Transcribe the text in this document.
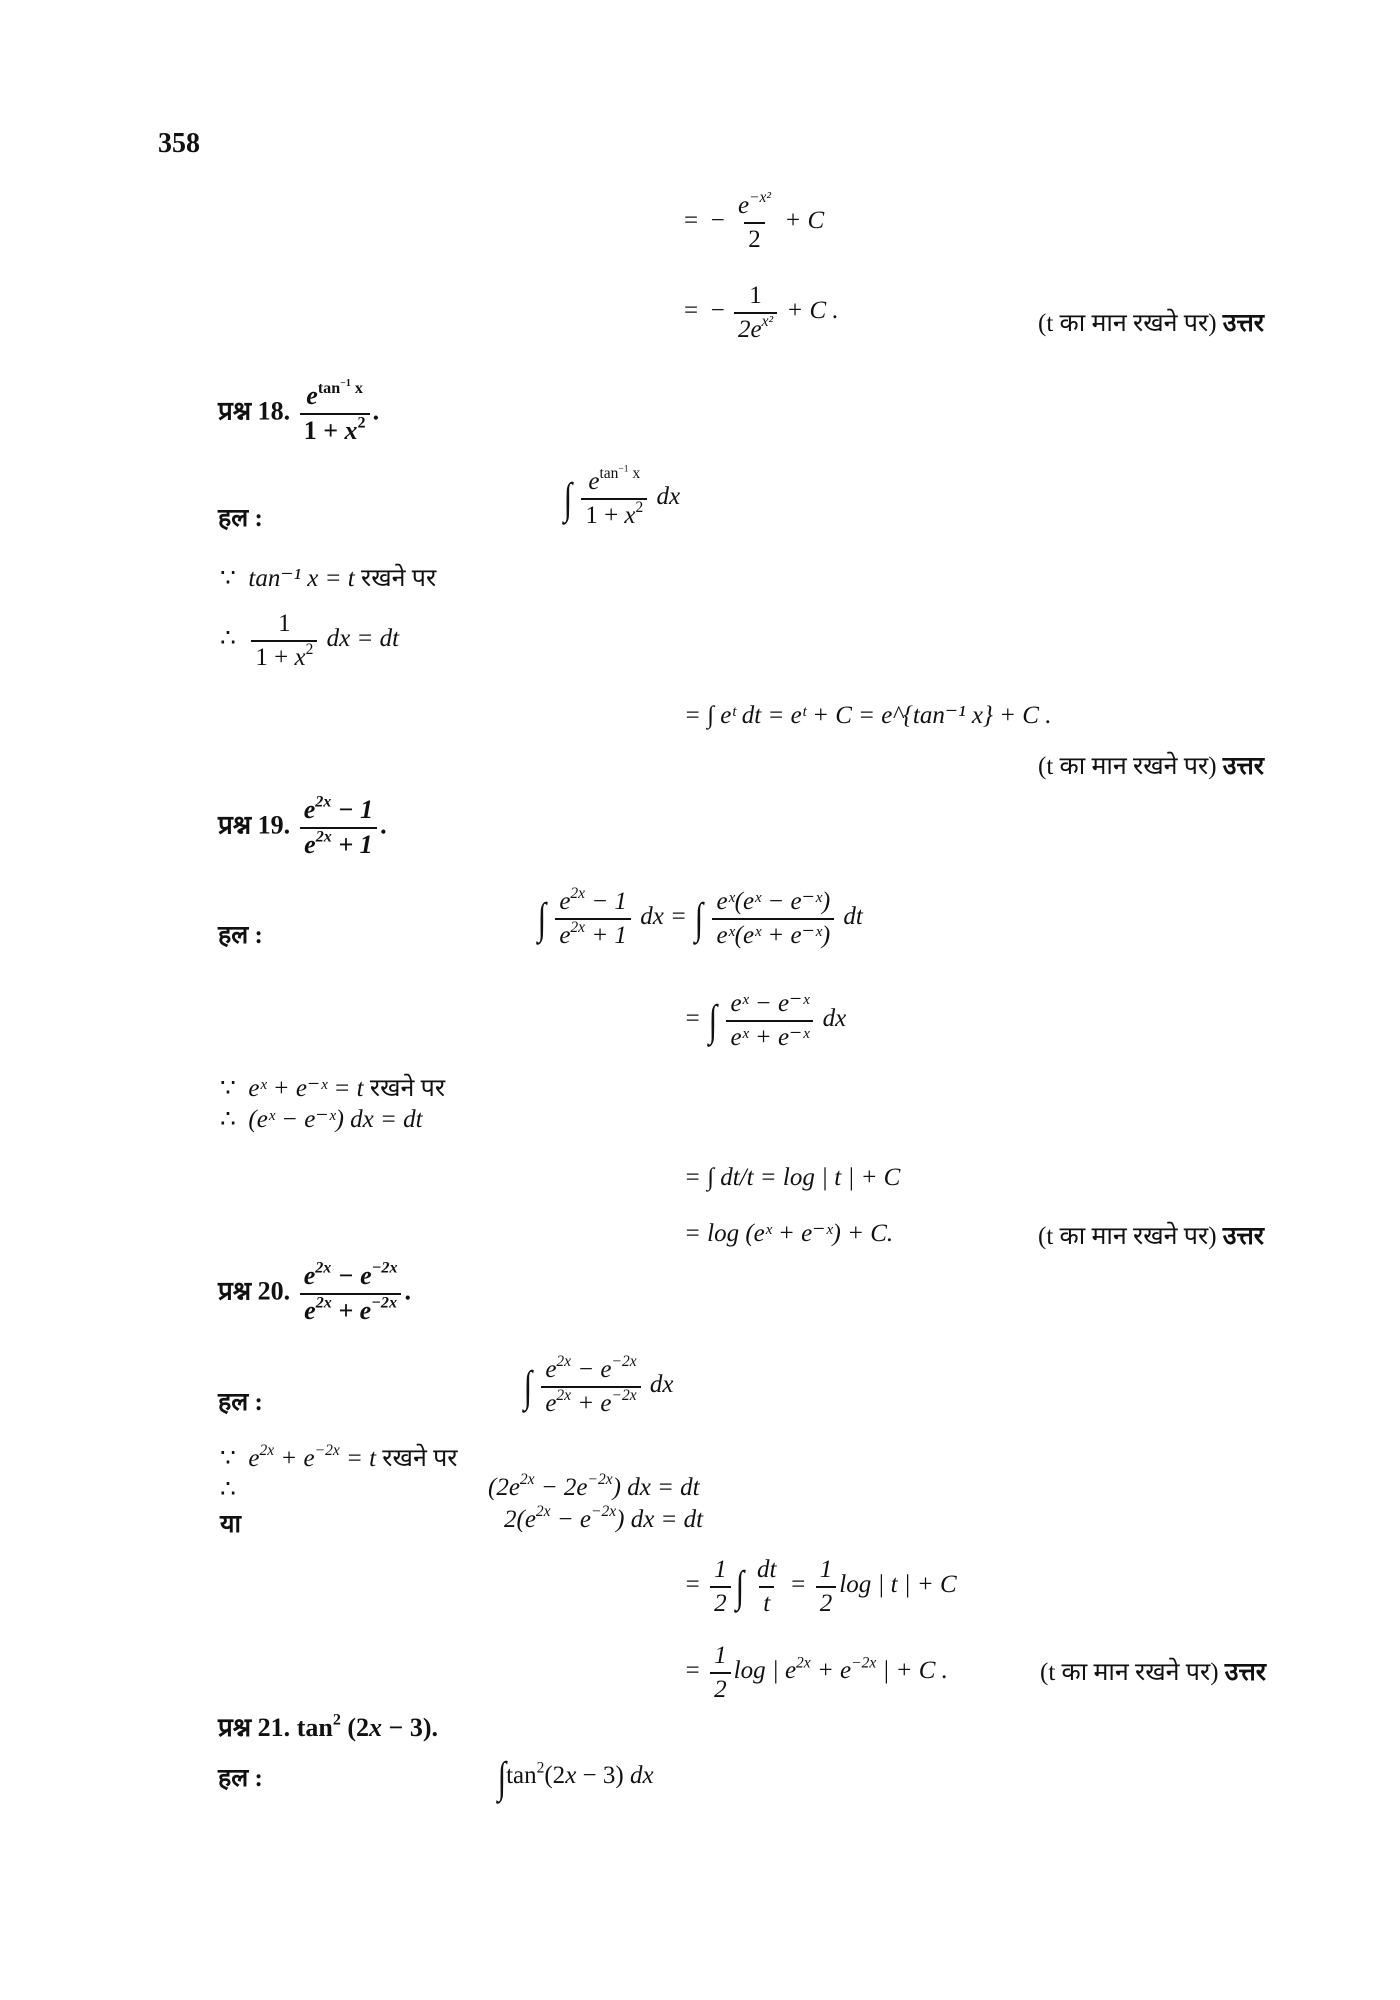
358
= − $\frac{e^{-x^2}}{2} + C$
= − $\frac{1}{2e^{x^2}} + C$ .	(t का मान रखने पर) उत्तर
प्रश्न 18. $\frac{e^{tan^{-1} x}}{1 + x^2}$ .
हल :	∫ $\frac{e^{tan^{-1} x}}{1 + x^2}$ dx
∵ tan⁻¹ x = t रखने पर
∴ $\frac{1}{1 + x^2}$ dx = dt
= ∫ eᵗ dt = eᵗ + C = e^{tan⁻¹ x} + C .
(t का मान रखने पर) उत्तर
प्रश्न 19. $\frac{e^{2x} - 1}{e^{2x} + 1}$ .
हल :	∫ $\frac{e^{2x} - 1}{e^{2x} + 1}$ dx = ∫ $\frac{\text{eˣ(eˣ − e⁻ˣ)}}{\text{eˣ(eˣ + e⁻ˣ)}}$ dt
= ∫ $\frac{\text{eˣ − e⁻ˣ}}{\text{eˣ + e⁻ˣ}}$ dx
∵ eˣ + e⁻ˣ = t रखने पर
∴ (eˣ − e⁻ˣ) dx = dt
= ∫ dt/t = log | t | + C
= log (eˣ + e⁻ˣ) + C.	(t का मान रखने पर) उत्तर
प्रश्न 20. $\frac{e^{2x} - e^{-2x}}{e^{2x} + e^{-2x}}$ .
हल :	∫ $\frac{e^{2x} - e^{-2x}}{e^{2x} + e^{-2x}}$ dx
∵ $e^{2x} + e^{-2x} = t$ रखने पर
∴	$(2e^{2x} - 2e^{-2x})$ dx = dt
या	$2(e^{2x} - e^{-2x})$ dx = dt
= $\frac{1}{2}$ ∫ $\frac{dt}{t} = \frac{1}{2}$ log | t | + C
= $\frac{1}{2}$ log | $e^{2x} + e^{-2x}$ | + C .	(t का मान रखने पर) उत्तर
प्रश्न 21. $\tan^2 (2x - 3)$.
हल :	$\int\tan^2(2x - 3)$ dx
